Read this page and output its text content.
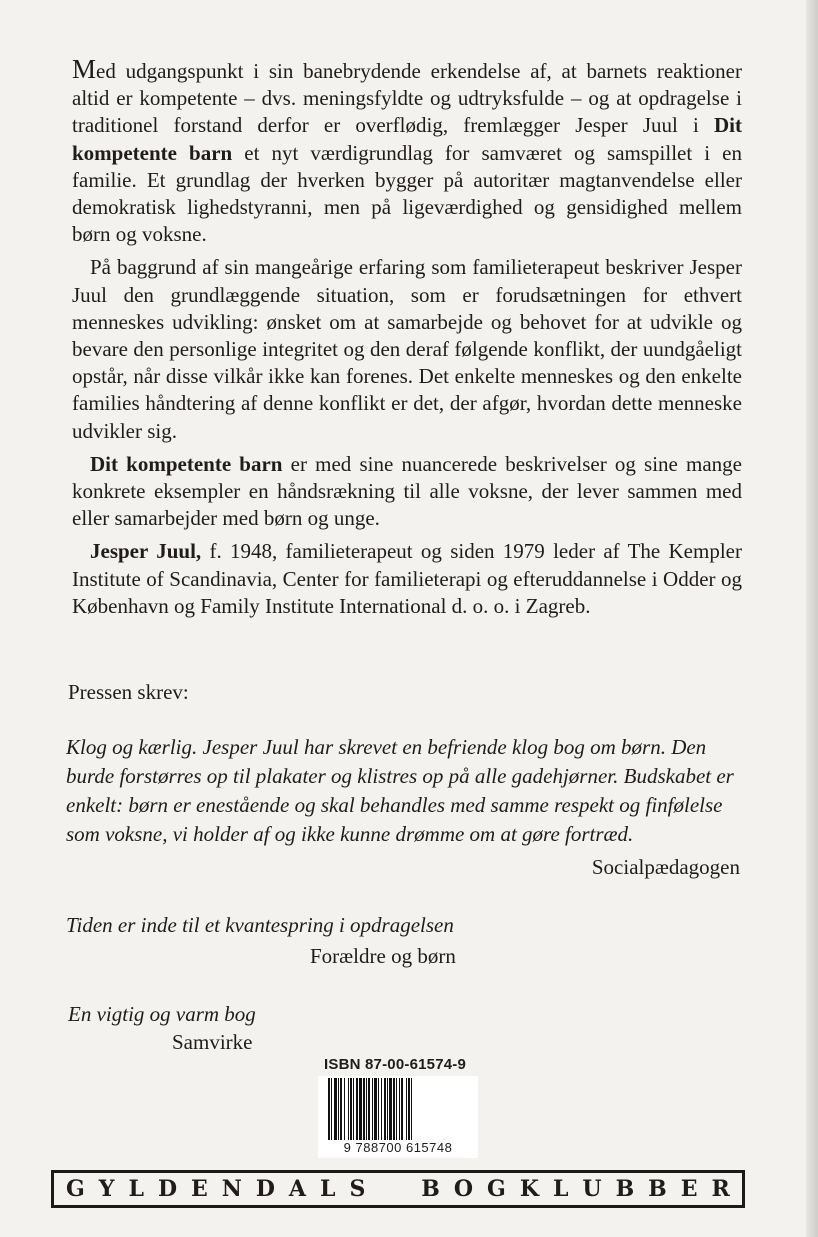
Med udgangspunkt i sin banebrydende erkendelse af, at barnets reaktioner altid er kompetente – dvs. meningsfyldte og udtryksfulde – og at opdragelse i traditionel forstand derfor er overflødig, fremlægger Jesper Juul i Dit kompetente barn et nyt værdigrundlag for samværet og samspillet i en familie. Et grundlag der hverken bygger på autoritær magtanvendelse eller demokratisk lighedstyranni, men på ligeværdighed og gensidighed mellem børn og voksne.

På baggrund af sin mangeårige erfaring som familieterapeut beskriver Jesper Juul den grundlæggende situation, som er forudsætningen for ethvert menneskes udvikling: ønsket om at samarbejde og behovet for at udvikle og bevare den personlige integritet og den deraf følgende konflikt, der uundgåeligt opstår, når disse vilkår ikke kan forenes. Det enkelte menneskes og den enkelte families håndtering af denne konflikt er det, der afgør, hvordan dette menneske udvikler sig.

Dit kompetente barn er med sine nuancerede beskrivelser og sine mange konkrete eksempler en håndsrækning til alle voksne, der lever sammen med eller samarbejder med børn og unge.

Jesper Juul, f. 1948, familieterapeut og siden 1979 leder af The Kempler Institute of Scandinavia, Center for familieterapi og efteruddannelse i Odder og København og Family Institute International d. o. o. i Zagreb.

Pressen skrev:
Klog og kærlig. Jesper Juul har skrevet en befriende klog bog om børn. Den
burde forstørres op til plakater og klistres op på alle gadehjørner. Budskabet er
enkelt: børn er enestående og skal behandles med samme respekt og finfølelse
som voksne, vi holder af og ikke kunne drømme om at gøre fortræd.
Socialpædagogen
Tiden er inde til et kvantespring i opdragelsen
Forældre og børn
En vigtig og varm bog
Samvirke
ISBN 87-00-61574-9
9 788700 615748
G Y L D E N D A L S	B O G K L U B B E R
